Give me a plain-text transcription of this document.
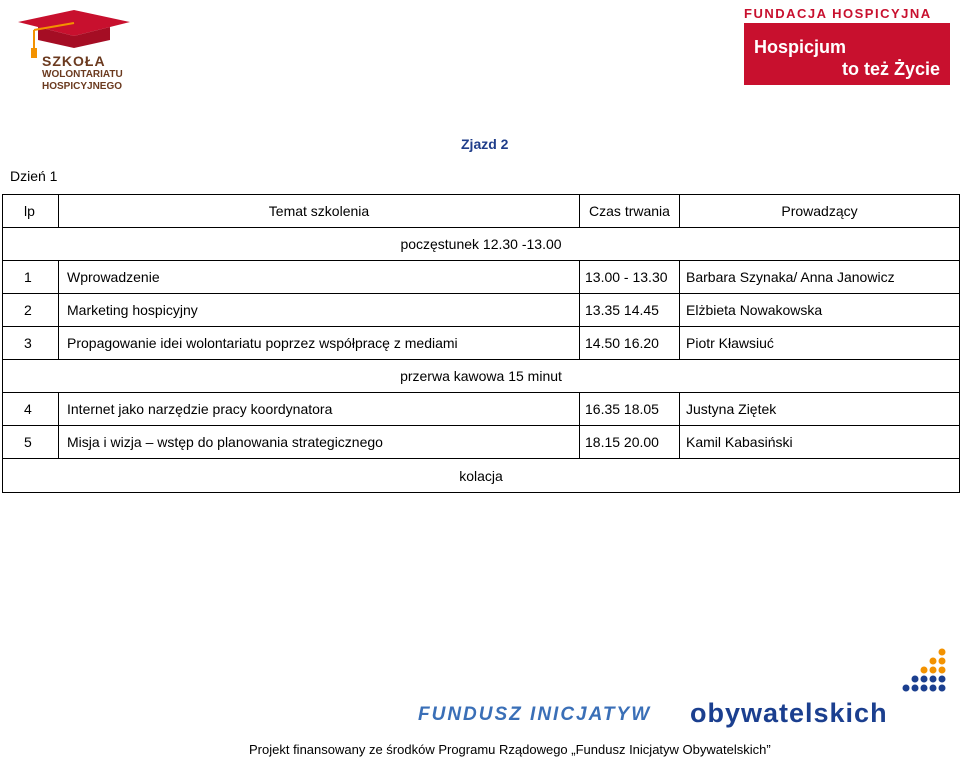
SZKOŁA
WOLONTARIATU
HOSPICYJNEGO
FUNDACJA HOSPICYJNA
Hospicjum
to też Życie
Zjazd 2
Dzień 1
lp	Temat szkolenia	Czas trwania	Prowadzący
poczęstunek 12.30 -13.00
1	Wprowadzenie	13.00 - 13.30	Barbara Szynaka/ Anna Janowicz
2	Marketing hospicyjny	13.35 14.45	Elżbieta Nowakowska
3	Propagowanie idei wolontariatu poprzez współpracę z mediami	14.50 16.20	Piotr Kławsiuć
przerwa kawowa 15 minut
4	Internet jako narzędzie pracy koordynatora	16.35 18.05	Justyna Ziętek
5	Misja i wizja – wstęp do planowania strategicznego	18.15 20.00	Kamil Kabasiński
kolacja
FUNDUSZ INICJATYW obywatelskich
Projekt finansowany ze środków Programu Rządowego „Fundusz Inicjatyw Obywatelskich”
